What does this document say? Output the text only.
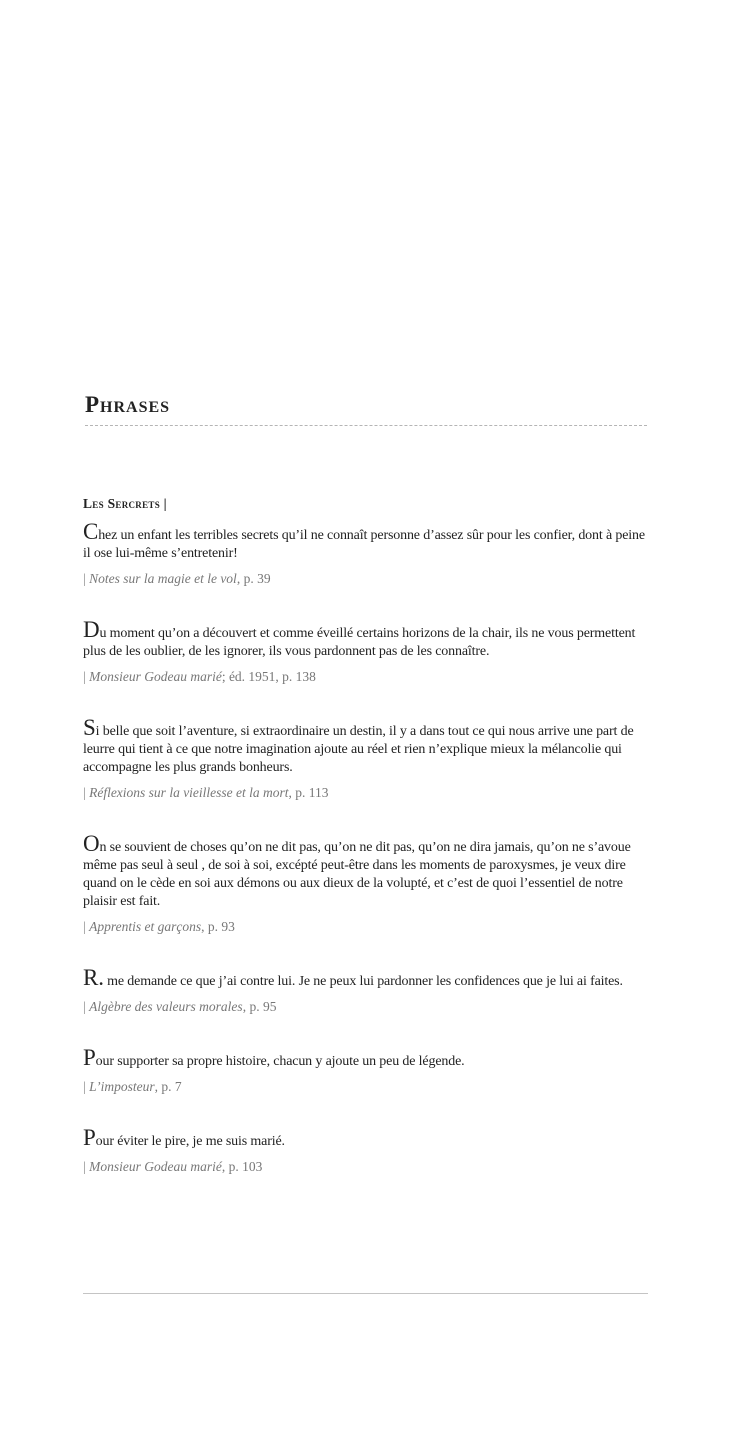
Phrases
Les Sercrets |

Chez un enfant les terribles secrets qu’il ne connaît personne d’assez sûr pour les confier, dont à peine il ose lui-même s’entretenir!

| Notes sur la magie et le vol, p. 39

Du moment qu’on a découvert et comme éveillé certains horizons de la chair, ils ne vous permettent plus de les oublier, de les ignorer, ils vous pardonnent pas de les connaître.

| Monsieur Godeau marié; éd. 1951, p. 138

Si belle que soit l’aventure, si extraordinaire un destin, il y a dans tout ce qui nous arrive une part de leurre qui tient à ce que notre imagination ajoute au réel et rien n’explique mieux la mélancolie qui accompagne les plus grands bonheurs.

| Réflexions sur la vieillesse et la mort, p. 113

On se souvient de choses qu’on ne dit pas, qu’on ne dit pas, qu’on ne dira jamais, qu’on ne s’avoue même pas seul à seul , de soi à soi, excépté peut-être dans les moments de paroxysmes, je veux dire quand on le cède en soi aux démons ou aux dieux de la volupté, et c’est de quoi l’essentiel de notre plaisir est fait.

| Apprentis et garçons, p. 93

R. me demande ce que j’ai contre lui. Je ne peux lui pardonner les confidences que je lui ai faites.

| Algèbre des valeurs morales, p. 95

Pour supporter sa propre histoire, chacun y ajoute un peu de légende.

| L’imposteur, p. 7

Pour éviter le pire, je me suis marié.

| Monsieur Godeau marié, p. 103
